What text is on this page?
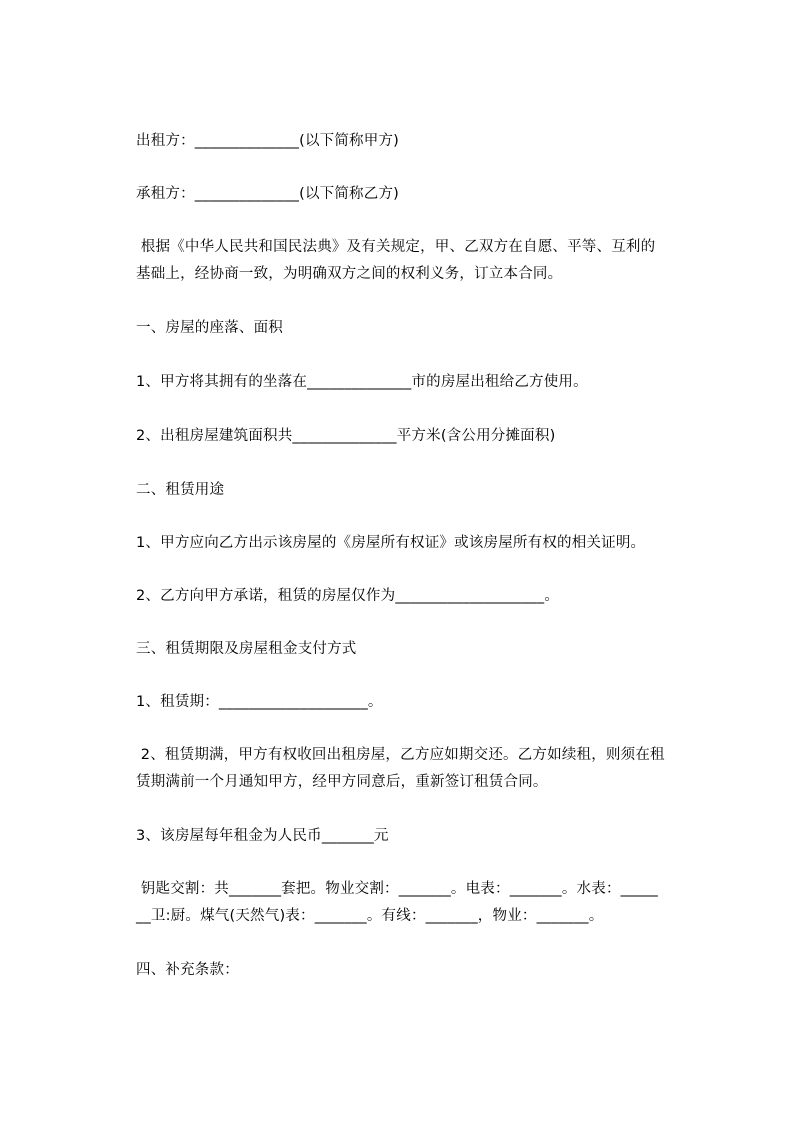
出租方：______________(以下简称甲方)
承租方：______________(以下简称乙方)
根据《中华人民共和国民法典》及有关规定，甲、乙双方在自愿、平等、互利的
基础上，经协商一致，为明确双方之间的权利义务，订立本合同。
一、房屋的座落、面积
1、甲方将其拥有的坐落在______________市的房屋出租给乙方使用。
2、出租房屋建筑面积共______________平方米(含公用分摊面积)
二、租赁用途
1、甲方应向乙方出示该房屋的《房屋所有权证》或该房屋所有权的相关证明。
2、乙方向甲方承诺，租赁的房屋仅作为____________________。
三、租赁期限及房屋租金支付方式
1、租赁期：____________________。
2、租赁期满，甲方有权收回出租房屋，乙方应如期交还。乙方如续租，则须在租
赁期满前一个月通知甲方，经甲方同意后，重新签订租赁合同。
3、该房屋每年租金为人民币_______元
钥匙交割：共_______套把。物业交割：_______。电表：_______。水表：_____
__卫:厨。煤气(天然气)表：_______。有线：_______，物业：_______。
四、补充条款：
